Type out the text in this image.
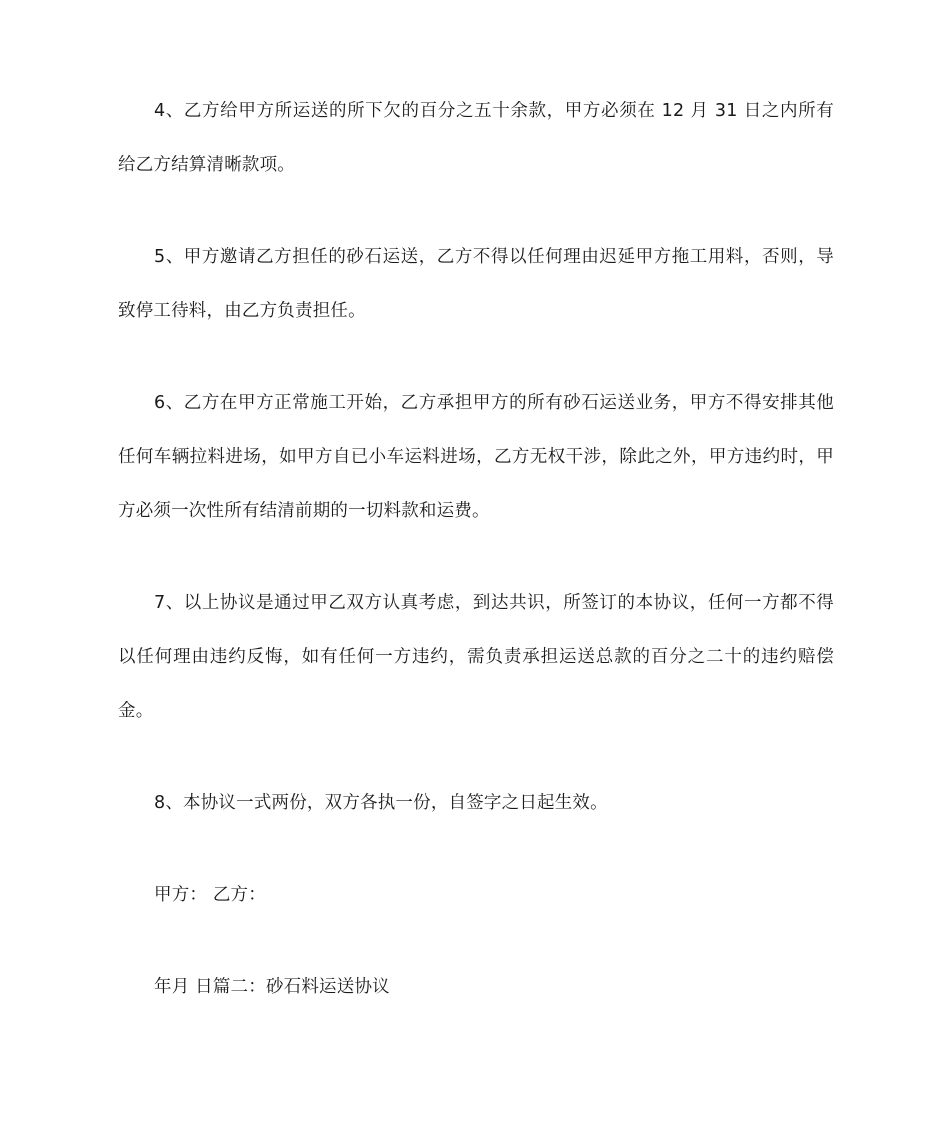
4、乙方给甲方所运送的所下欠的百分之五十余款，甲方必须在 12 月 31 日之内所有给乙方结算清晰款项。

5、甲方邀请乙方担任的砂石运送，乙方不得以任何理由迟延甲方拖工用料，否则，导致停工待料，由乙方负责担任。

6、乙方在甲方正常施工开始，乙方承担甲方的所有砂石运送业务，甲方不得安排其他任何车辆拉料进场，如甲方自已小车运料进场，乙方无权干涉，除此之外，甲方违约时，甲方必须一次性所有结清前期的一切料款和运费。

7、以上协议是通过甲乙双方认真考虑，到达共识，所签订的本协议，任何一方都不得以任何理由违约反悔，如有任何一方违约，需负责承担运送总款的百分之二十的违约赔偿金。

8、本协议一式两份，双方各执一份，自签字之日起生效。

甲方： 乙方：

年月 日篇二：砂石料运送协议
